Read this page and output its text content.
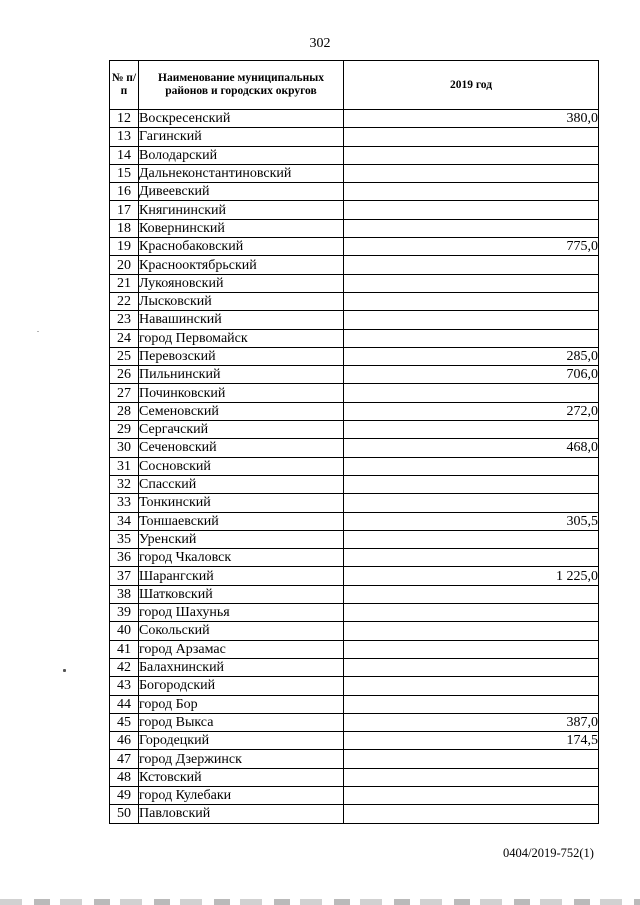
302
№ п/п	Наименование муниципальных районов и городских округов	2019 год
12	Воскресенский	380,0
13	Гагинский	
14	Володарский	
15	Дальнеконстантиновский	
16	Дивеевский	
17	Княгининский	
18	Ковернинский	
19	Краснобаковский	775,0
20	Краснооктябрьский	
21	Лукояновский	
22	Лысковский	
23	Навашинский	
24	город Первомайск	
25	Перевозский	285,0
26	Пильнинский	706,0
27	Починковский	
28	Семеновский	272,0
29	Сергачский	
30	Сеченовский	468,0
31	Сосновский	
32	Спасский	
33	Тонкинский	
34	Тоншаевский	305,5
35	Уренский	
36	город Чкаловск	
37	Шарангский	1 225,0
38	Шатковский	
39	город Шахунья	
40	Сокольский	
41	город Арзамас	
42	Балахнинский	
43	Богородский	
44	город Бор	
45	город Выкса	387,0
46	Городецкий	174,5
47	город Дзержинск	
48	Кстовский	
49	город Кулебаки	
50	Павловский	
0404/2019-752(1)
